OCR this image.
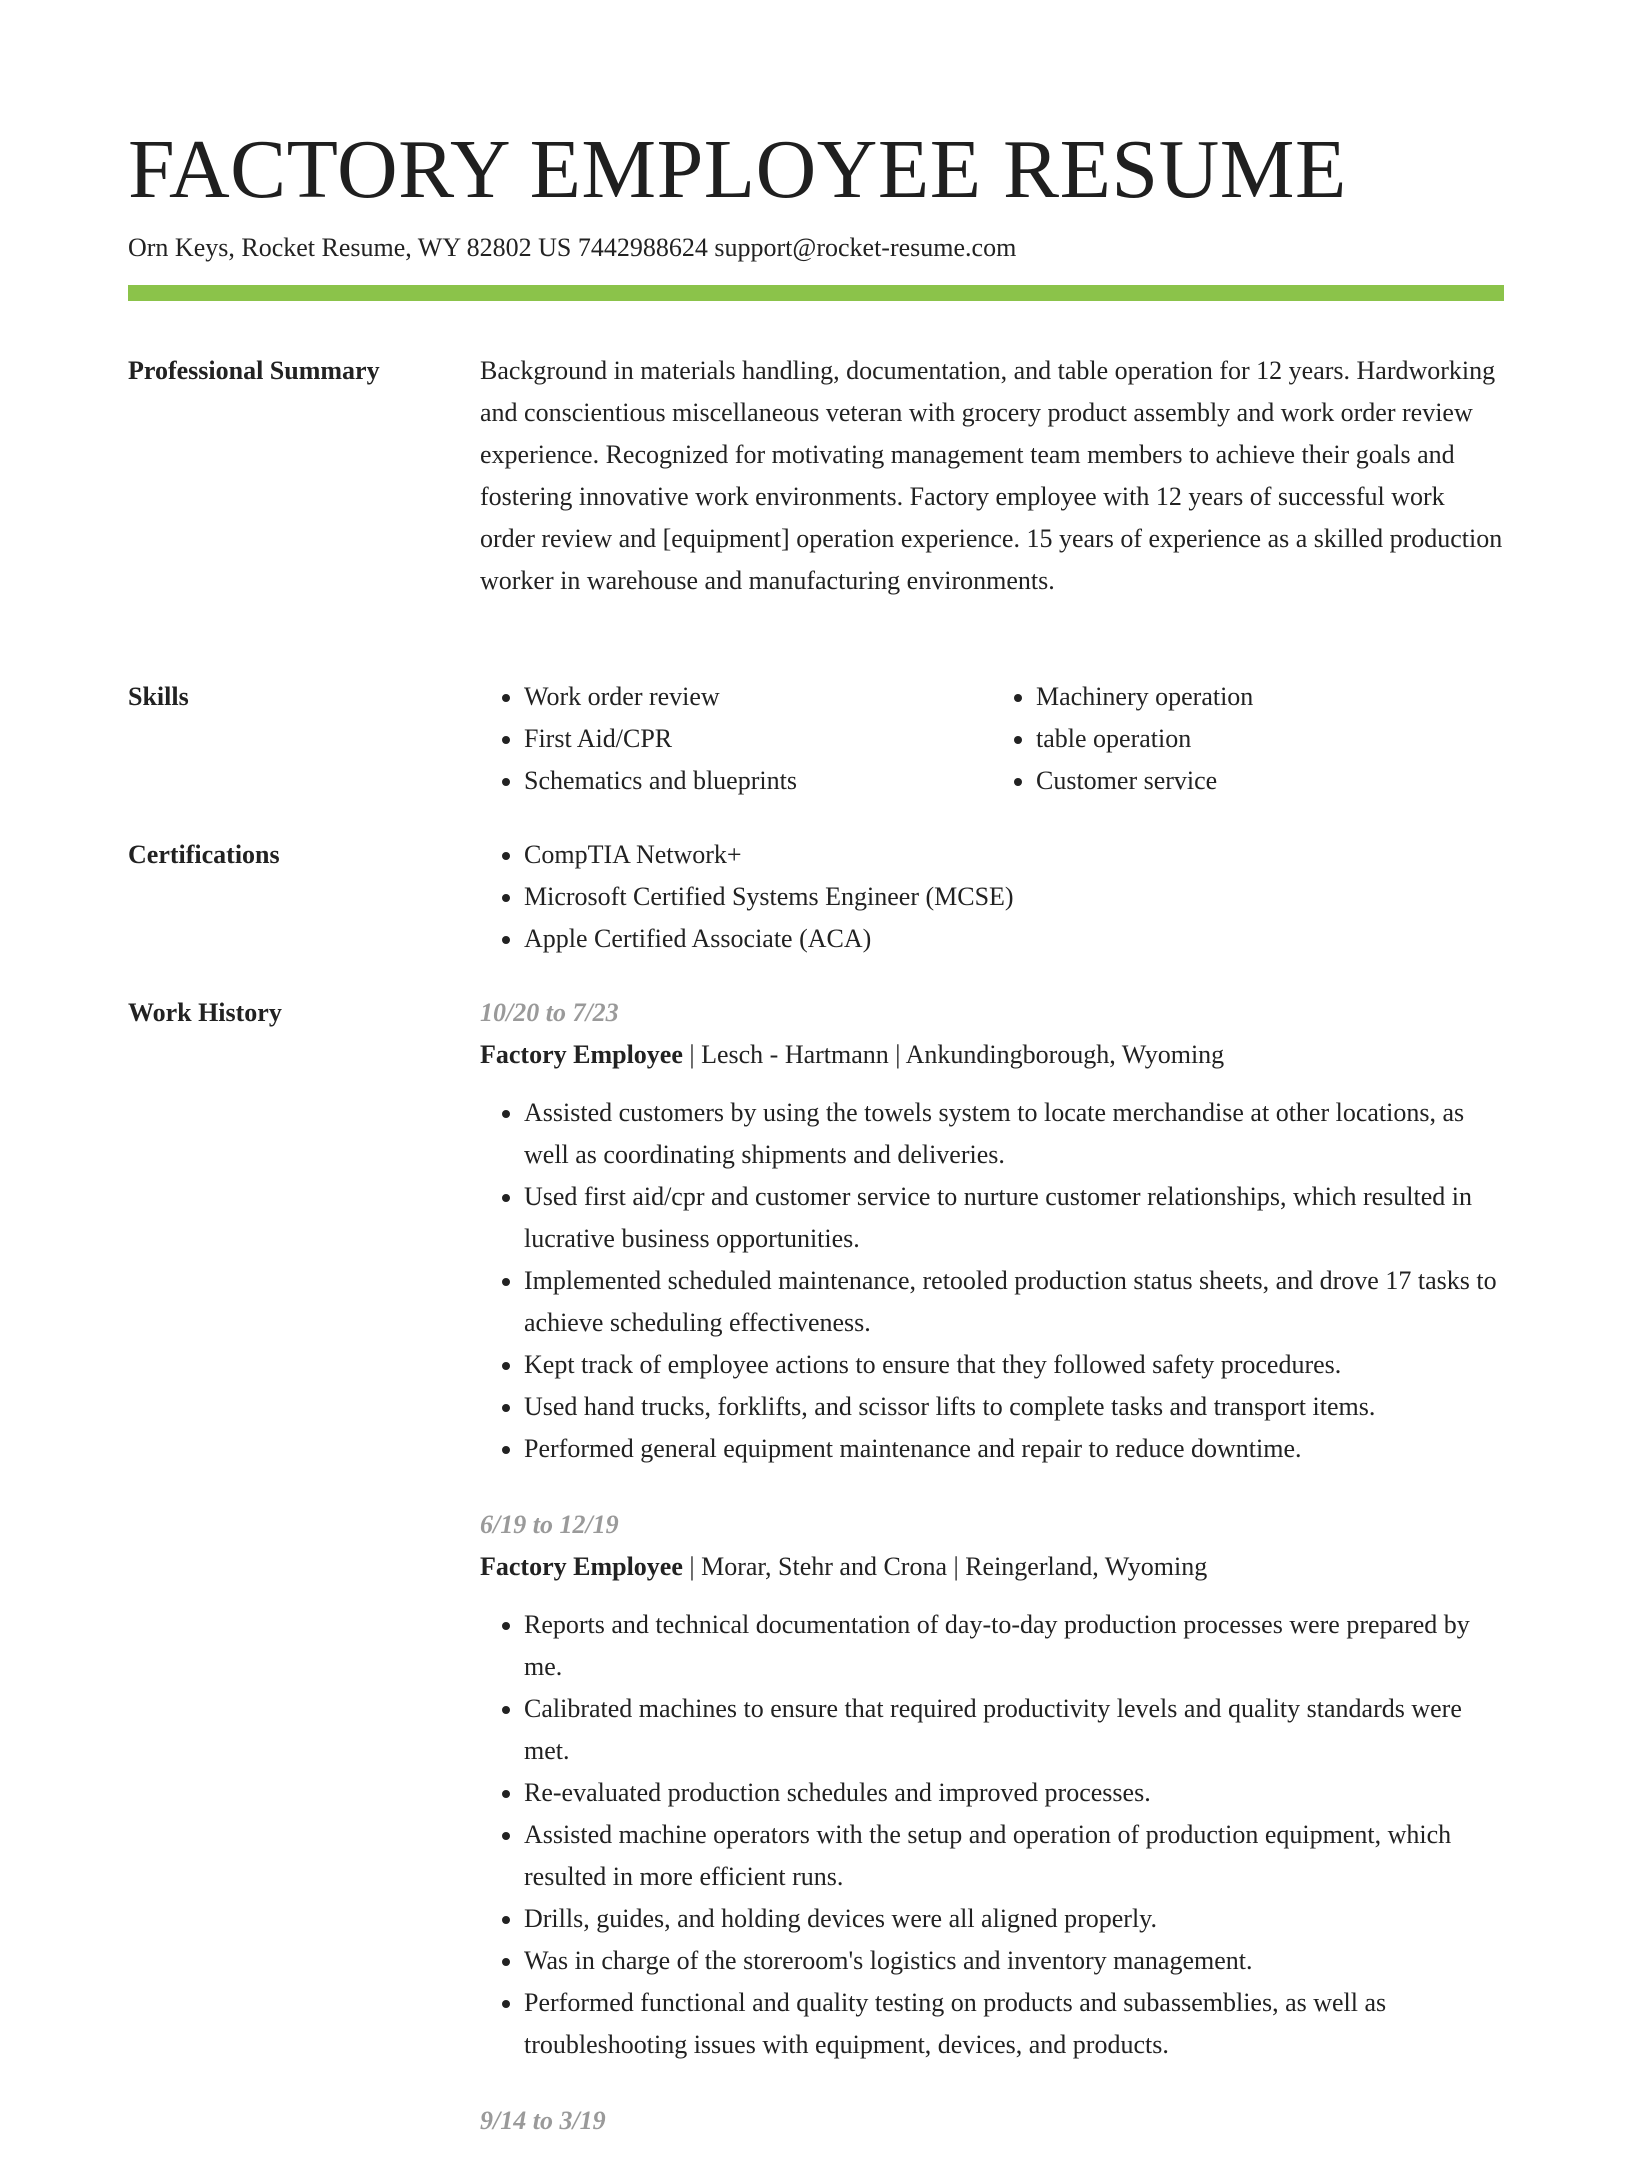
FACTORY EMPLOYEE RESUME
Orn Keys, Rocket Resume, WY 82802 US 7442988624 support@rocket-resume.com
Professional Summary	Background in materials handling, documentation, and table operation for 12 years. Hardworking and conscientious miscellaneous veteran with grocery product assembly and work order review experience. Recognized for motivating management team members to achieve their goals and fostering innovative work environments. Factory employee with 12 years of successful work order review and [equipment] operation experience. 15 years of experience as a skilled production worker in warehouse and manufacturing environments.

Skills	• Work order review
• First Aid/CPR
• Schematics and blueprints
• Machinery operation
• table operation
• Customer service
Certifications	• CompTIA Network+
• Microsoft Certified Systems Engineer (MCSE)
• Apple Certified Associate (ACA)
Work History	10/20 to 7/23
Factory Employee | Lesch - Hartmann | Ankundingborough, Wyoming
• Assisted customers by using the towels system to locate merchandise at other locations, as well as coordinating shipments and deliveries.
• Used first aid/cpr and customer service to nurture customer relationships, which resulted in lucrative business opportunities.
• Implemented scheduled maintenance, retooled production status sheets, and drove 17 tasks to achieve scheduling effectiveness.
• Kept track of employee actions to ensure that they followed safety procedures.
• Used hand trucks, forklifts, and scissor lifts to complete tasks and transport items.
• Performed general equipment maintenance and repair to reduce downtime.
6/19 to 12/19
Factory Employee | Morar, Stehr and Crona | Reingerland, Wyoming
• Reports and technical documentation of day-to-day production processes were prepared by me.
• Calibrated machines to ensure that required productivity levels and quality standards were met.
• Re-evaluated production schedules and improved processes.
• Assisted machine operators with the setup and operation of production equipment, which resulted in more efficient runs.
• Drills, guides, and holding devices were all aligned properly.
• Was in charge of the storeroom's logistics and inventory management.
• Performed functional and quality testing on products and subassemblies, as well as troubleshooting issues with equipment, devices, and products.
9/14 to 3/19
